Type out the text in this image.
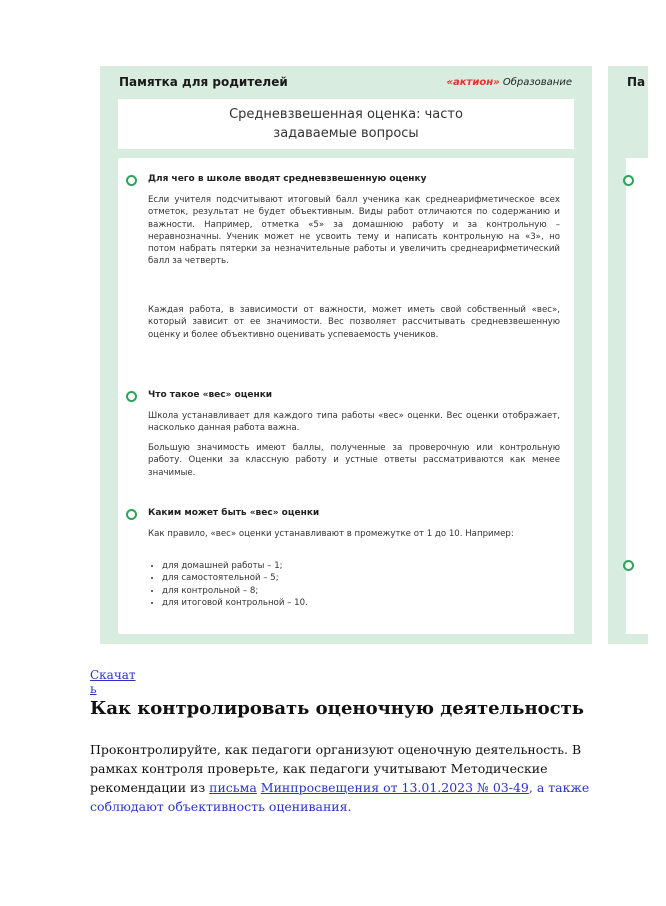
Памятка для родителей	«актион» Образование
Средневзвешенная оценка: часто
задаваемые вопросы
Для чего в школе вводят средневзвешенную оценку
Если учителя подсчитывают итоговый балл ученика как среднеарифметическое всех отметок, результат не будет объективным. Виды работ отличаются по содержанию и важности. Например, отметка «5» за домашнюю работу и за контрольную – неравнозначны. Ученик может не усвоить тему и написать контрольную на «3», но потом набрать пятерки за незначительные работы и увеличить среднеарифметический балл за четверть.
Каждая работа, в зависимости от важности, может иметь свой собственный «вес», который зависит от ее значимости. Вес позволяет рассчитывать средневзвешенную оценку и более объективно оценивать успеваемость учеников.
Что такое «вес» оценки
Школа устанавливает для каждого типа работы «вес» оценки. Вес оценки отображает, насколько данная работа важна.
Большую значимость имеют баллы, полученные за проверочную или контрольную работу. Оценки за классную работу и устные ответы рассматриваются как менее значимые.
Каким может быть «вес» оценки
Как правило, «вес» оценки устанавливают в промежутке от 1 до 10. Например:
• для домашней работы – 1;
• для самостоятельной – 5;
• для контрольной – 8;
• для итоговой контрольной – 10.
Па
Скачать
Как контролировать оценочную деятельность
Проконтролируйте, как педагоги организуют оценочную деятельность. В рамках контроля проверьте, как педагоги учитывают Методические рекомендации из письма Минпросвещения от 13.01.2023 № 03-49, а также соблюдают объективность оценивания.
